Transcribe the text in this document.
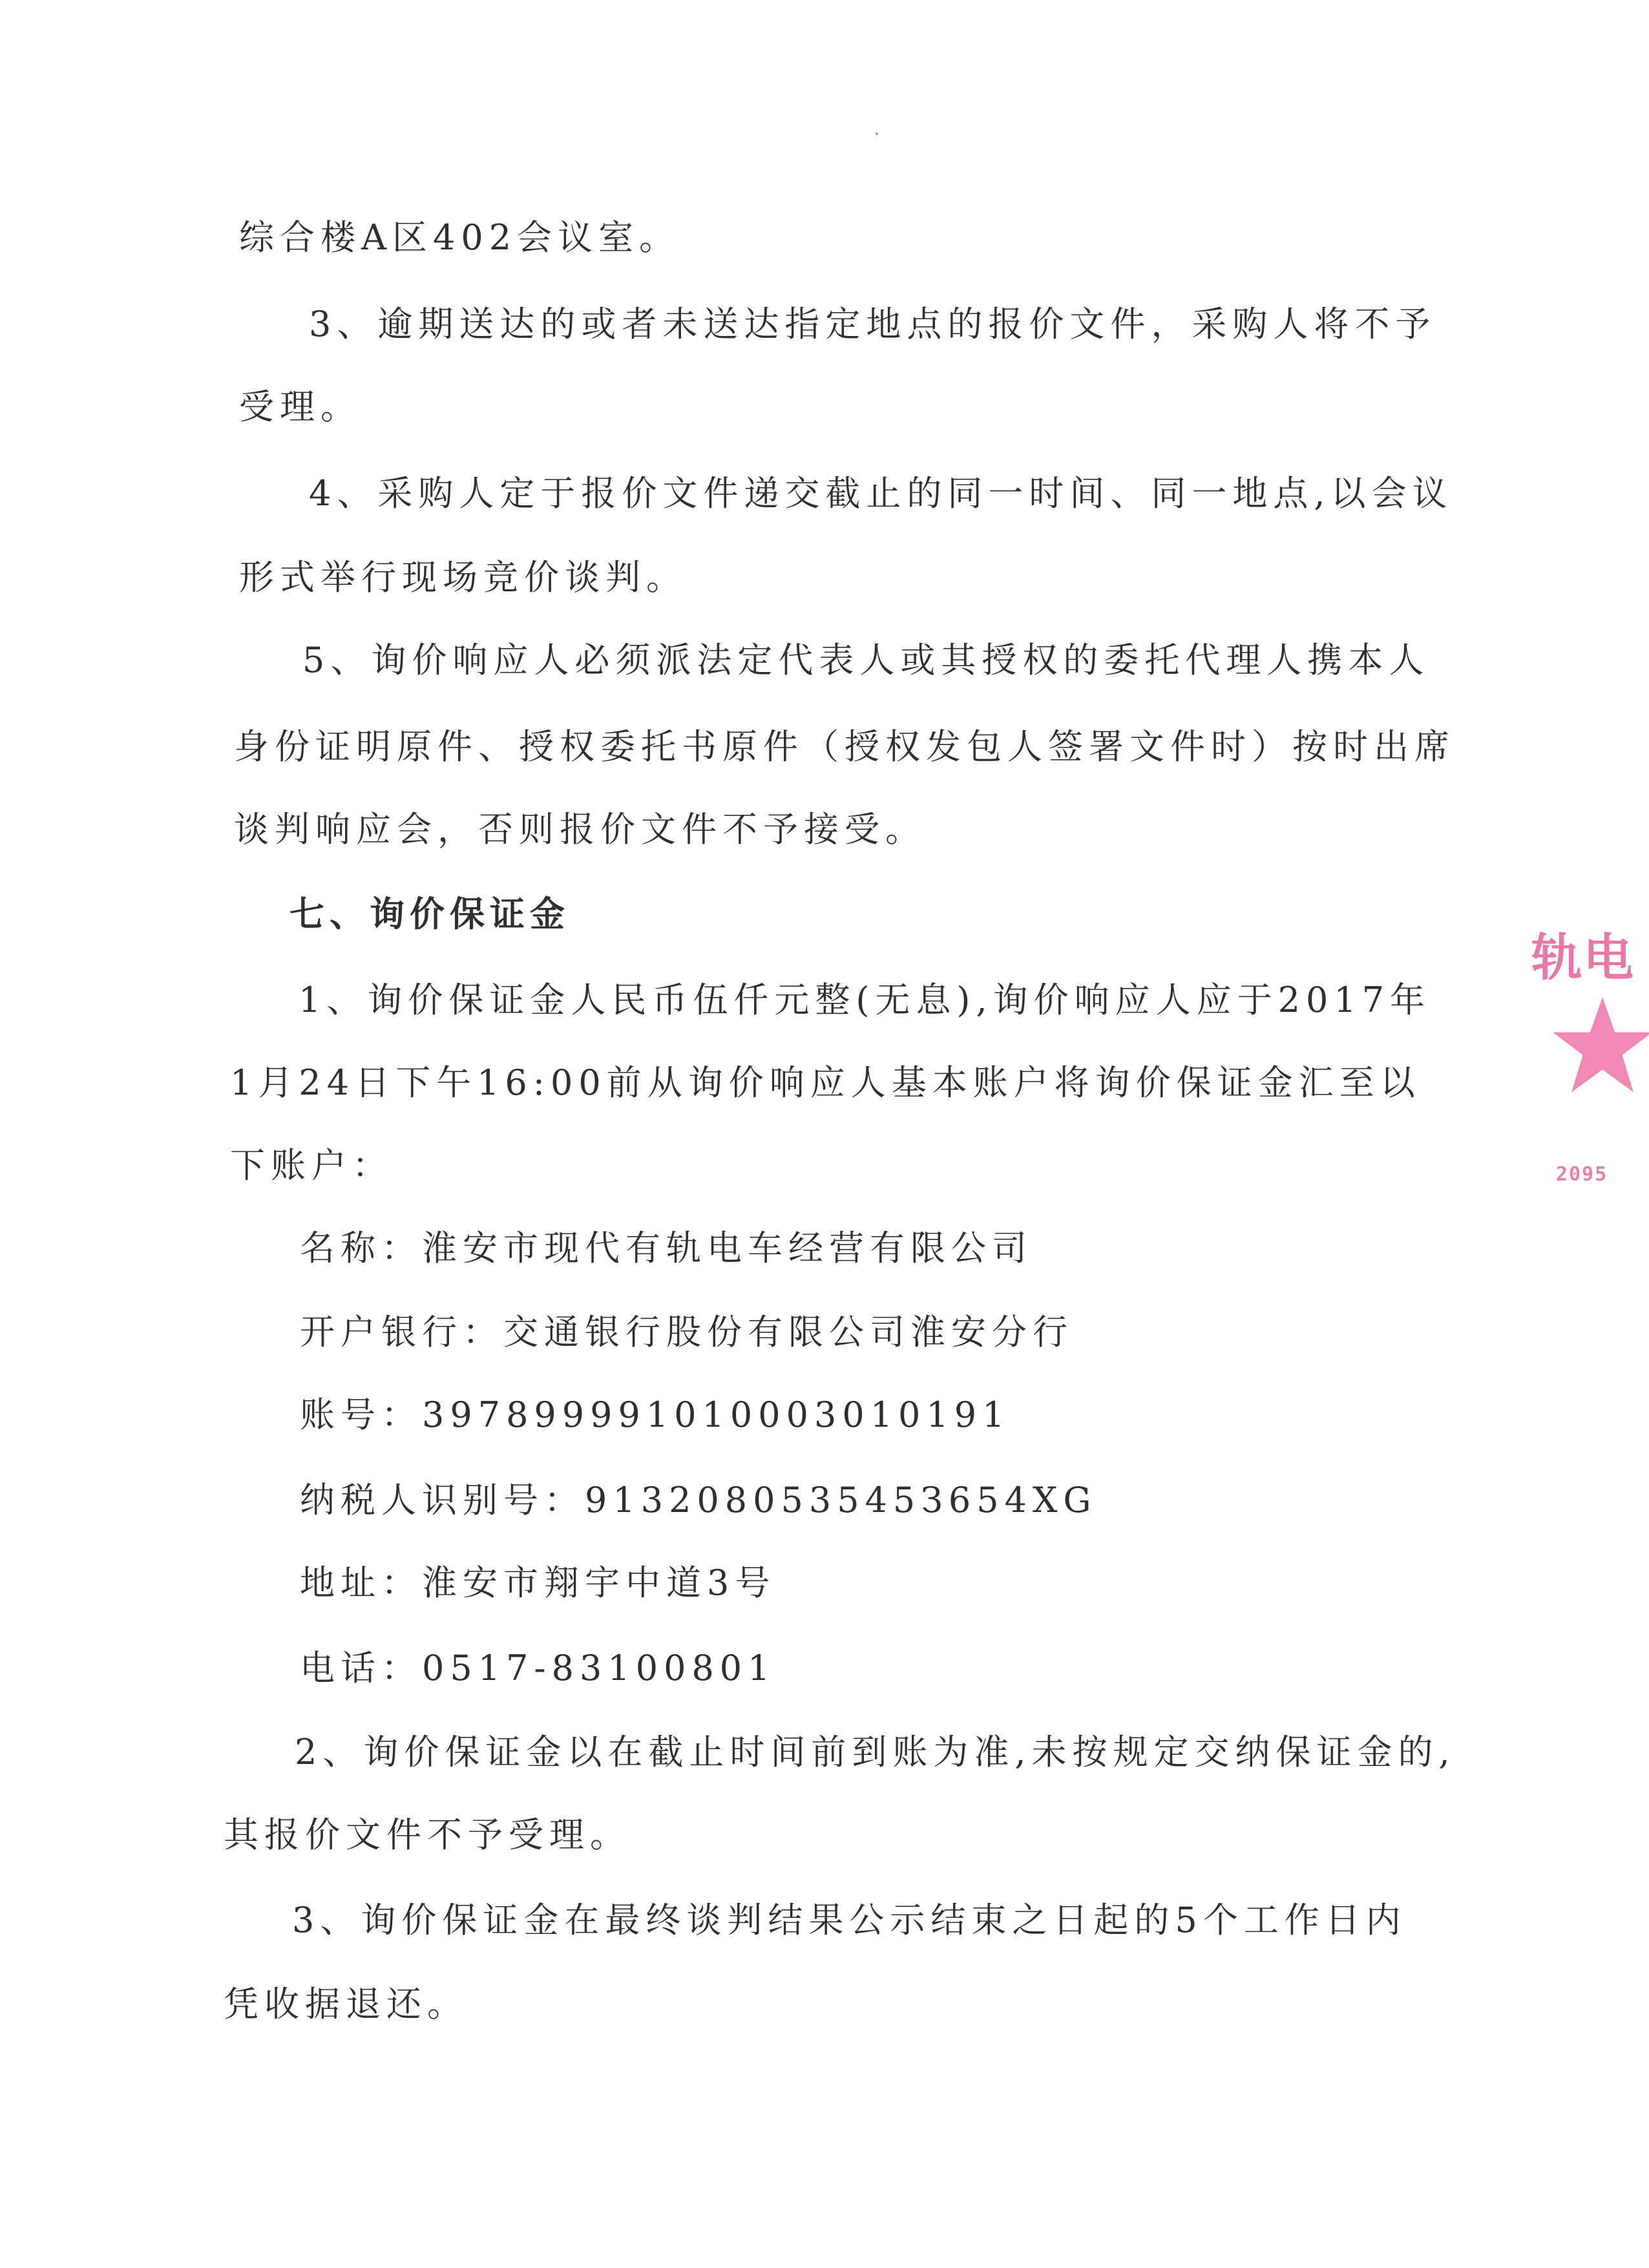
综合楼A区402会议室。
3、逾期送达的或者未送达指定地点的报价文件，采购人将不予
受理。
4、采购人定于报价文件递交截止的同一时间、同一地点,以会议
形式举行现场竞价谈判。
5、询价响应人必须派法定代表人或其授权的委托代理人携本人
身份证明原件、授权委托书原件（授权发包人签署文件时）按时出席
谈判响应会，否则报价文件不予接受。
七、询价保证金
1、询价保证金人民币伍仟元整(无息),询价响应人应于2017年
1月24日下午16:00前从询价响应人基本账户将询价保证金汇至以
下账户：
名称：淮安市现代有轨电车经营有限公司
开户银行：交通银行股份有限公司淮安分行
账号：397899991010003010191
纳税人识别号：913208053545З654XG
地址：淮安市翔宇中道3号
电话：0517-83100801
2、询价保证金以在截止时间前到账为准,未按规定交纳保证金的,
其报价文件不予受理。
3、询价保证金在最终谈判结果公示结束之日起的5个工作日内
凭收据退还。
轨电
2095
